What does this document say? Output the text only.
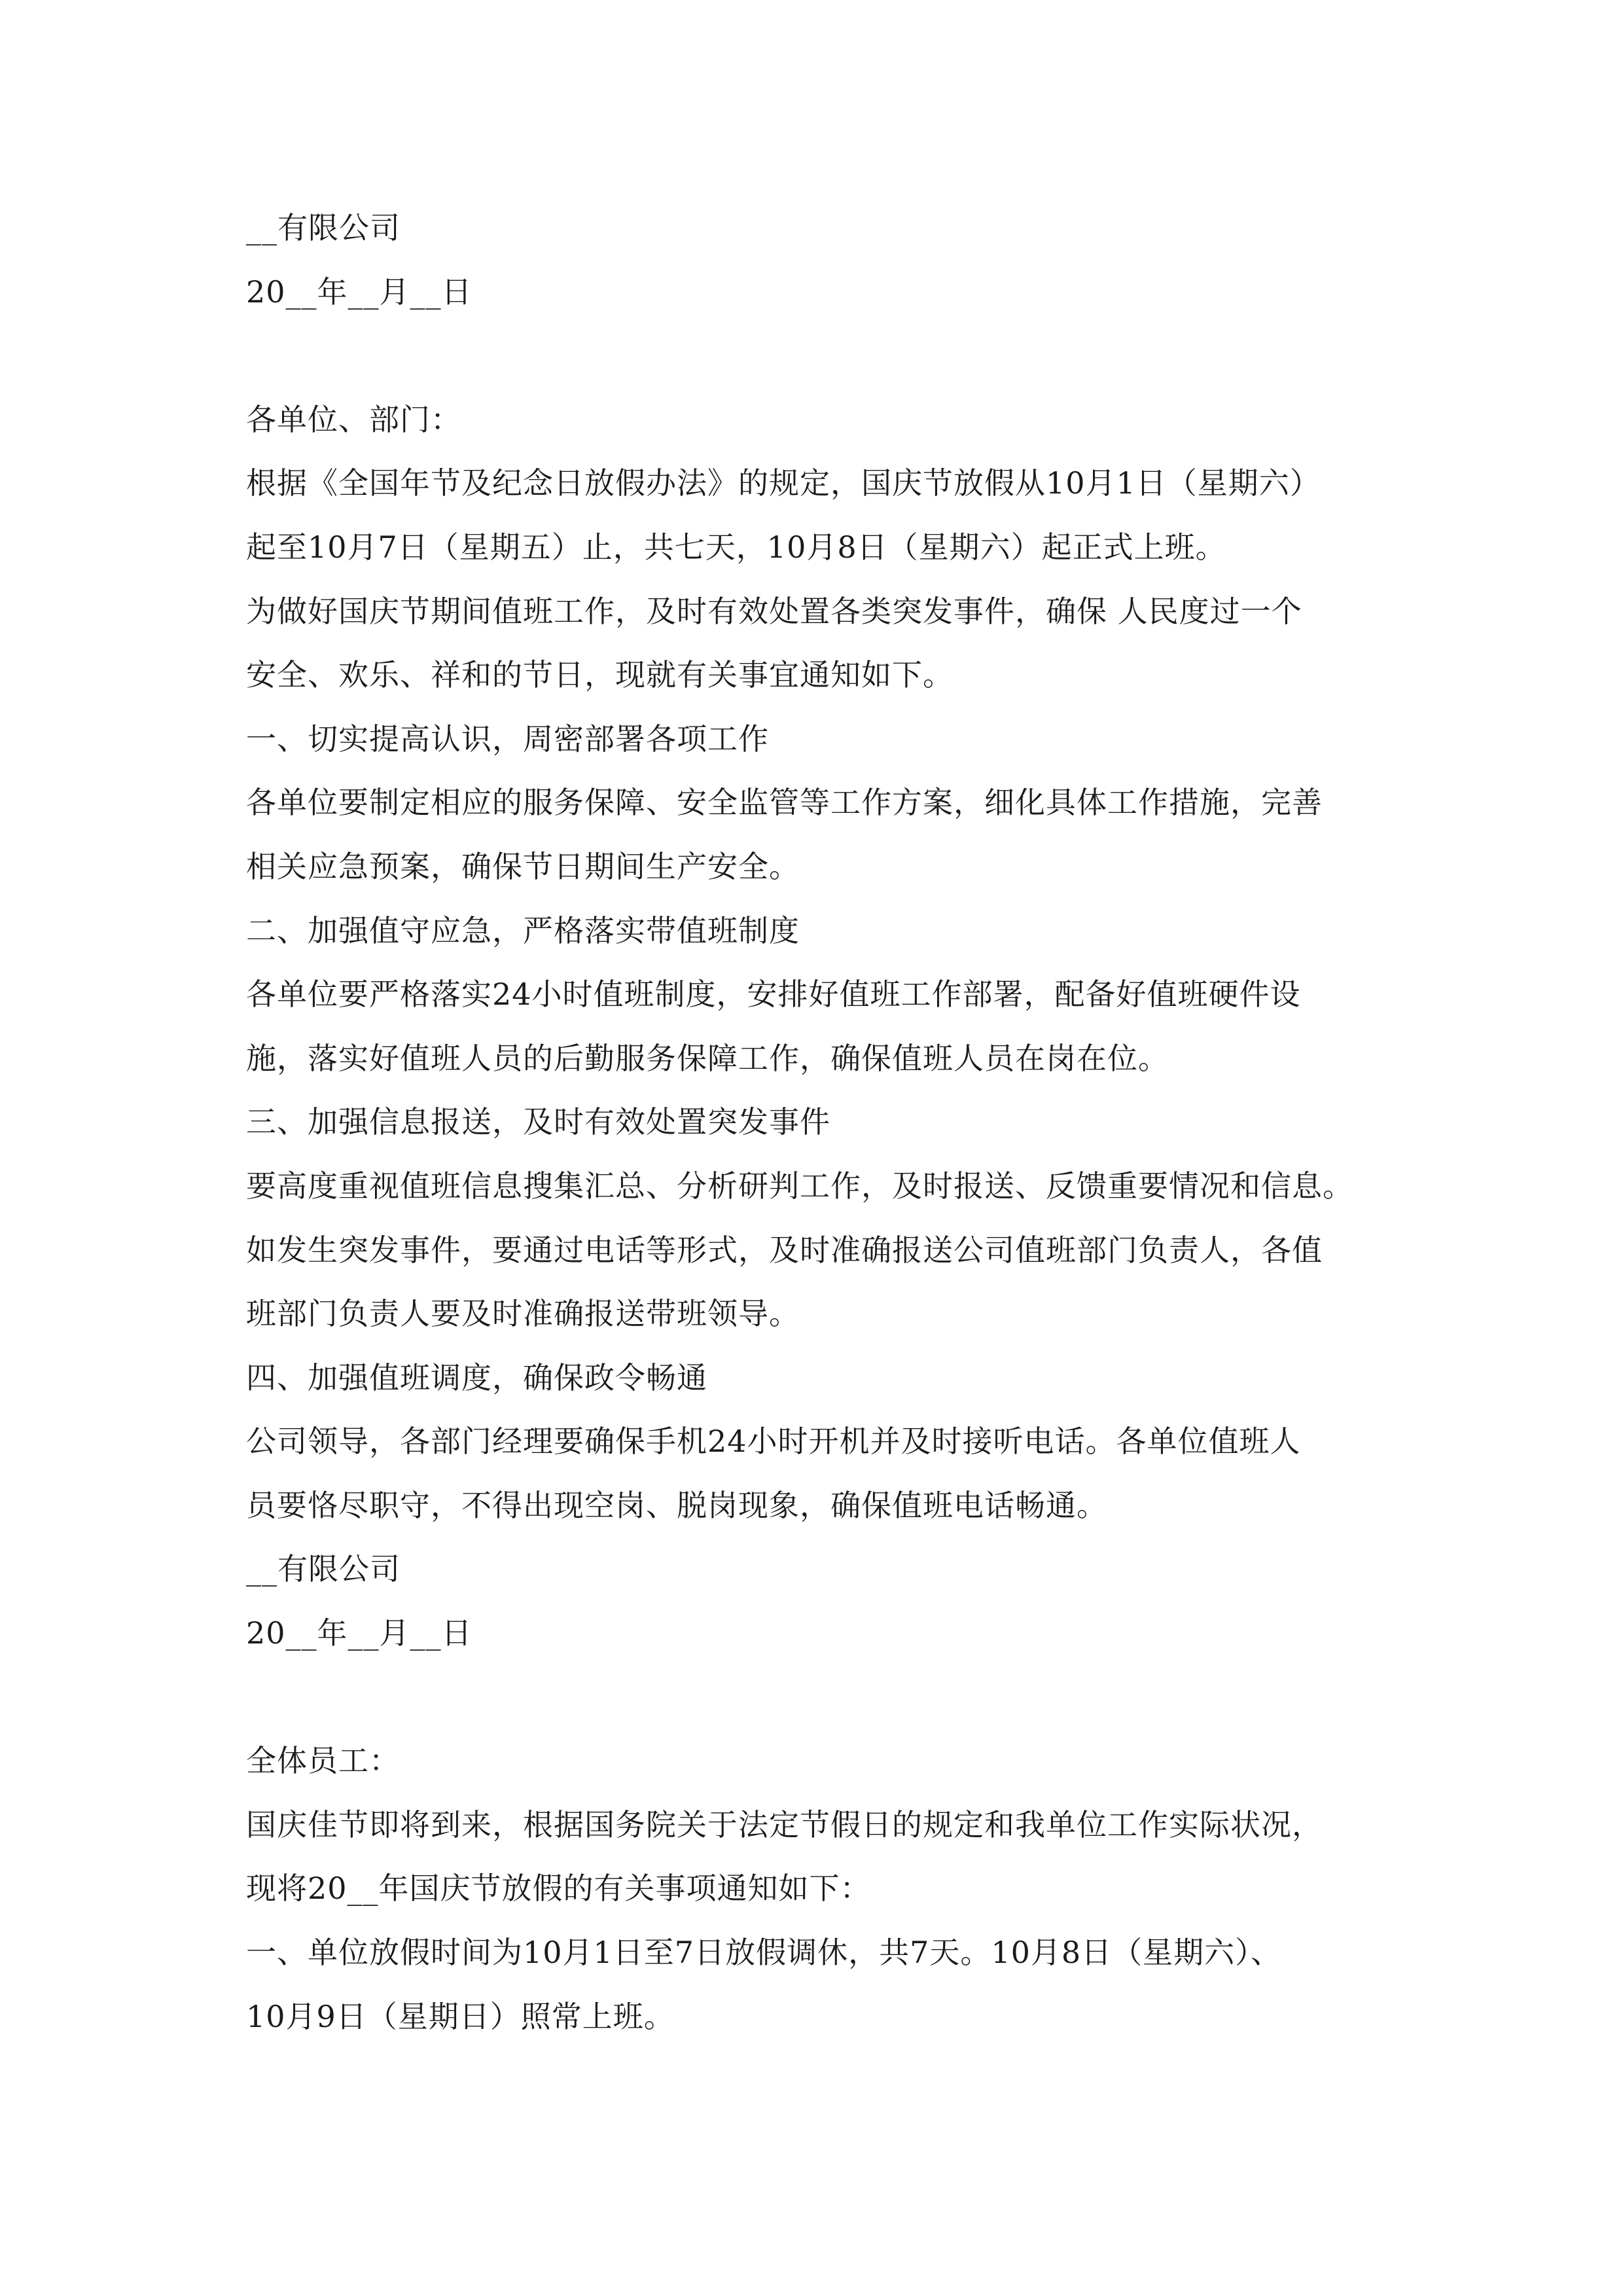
__有限公司
20__年__月__日
各单位、部门：
根据《全国年节及纪念日放假办法》的规定，国庆节放假从10月1日（星期六）
起至10月7日（星期五）止，共七天，10月8日（星期六）起正式上班。
为做好国庆节期间值班工作，及时有效处置各类突发事件，确保 人民度过一个
安全、欢乐、祥和的节日，现就有关事宜通知如下。
一、切实提高认识，周密部署各项工作
各单位要制定相应的服务保障、安全监管等工作方案，细化具体工作措施，完善
相关应急预案，确保节日期间生产安全。
二、加强值守应急，严格落实带值班制度
各单位要严格落实24小时值班制度，安排好值班工作部署，配备好值班硬件设
施，落实好值班人员的后勤服务保障工作，确保值班人员在岗在位。
三、加强信息报送，及时有效处置突发事件
要高度重视值班信息搜集汇总、分析研判工作，及时报送、反馈重要情况和信息。
如发生突发事件，要通过电话等形式，及时准确报送公司值班部门负责人，各值
班部门负责人要及时准确报送带班领导。
四、加强值班调度，确保政令畅通
公司领导，各部门经理要确保手机24小时开机并及时接听电话。各单位值班人
员要恪尽职守，不得出现空岗、脱岗现象，确保值班电话畅通。
__有限公司
20__年__月__日
全体员工：
国庆佳节即将到来，根据国务院关于法定节假日的规定和我单位工作实际状况，
现将20__年国庆节放假的有关事项通知如下：
一、单位放假时间为10月1日至7日放假调休，共7天。10月8日（星期六）、
10月9日（星期日）照常上班。
